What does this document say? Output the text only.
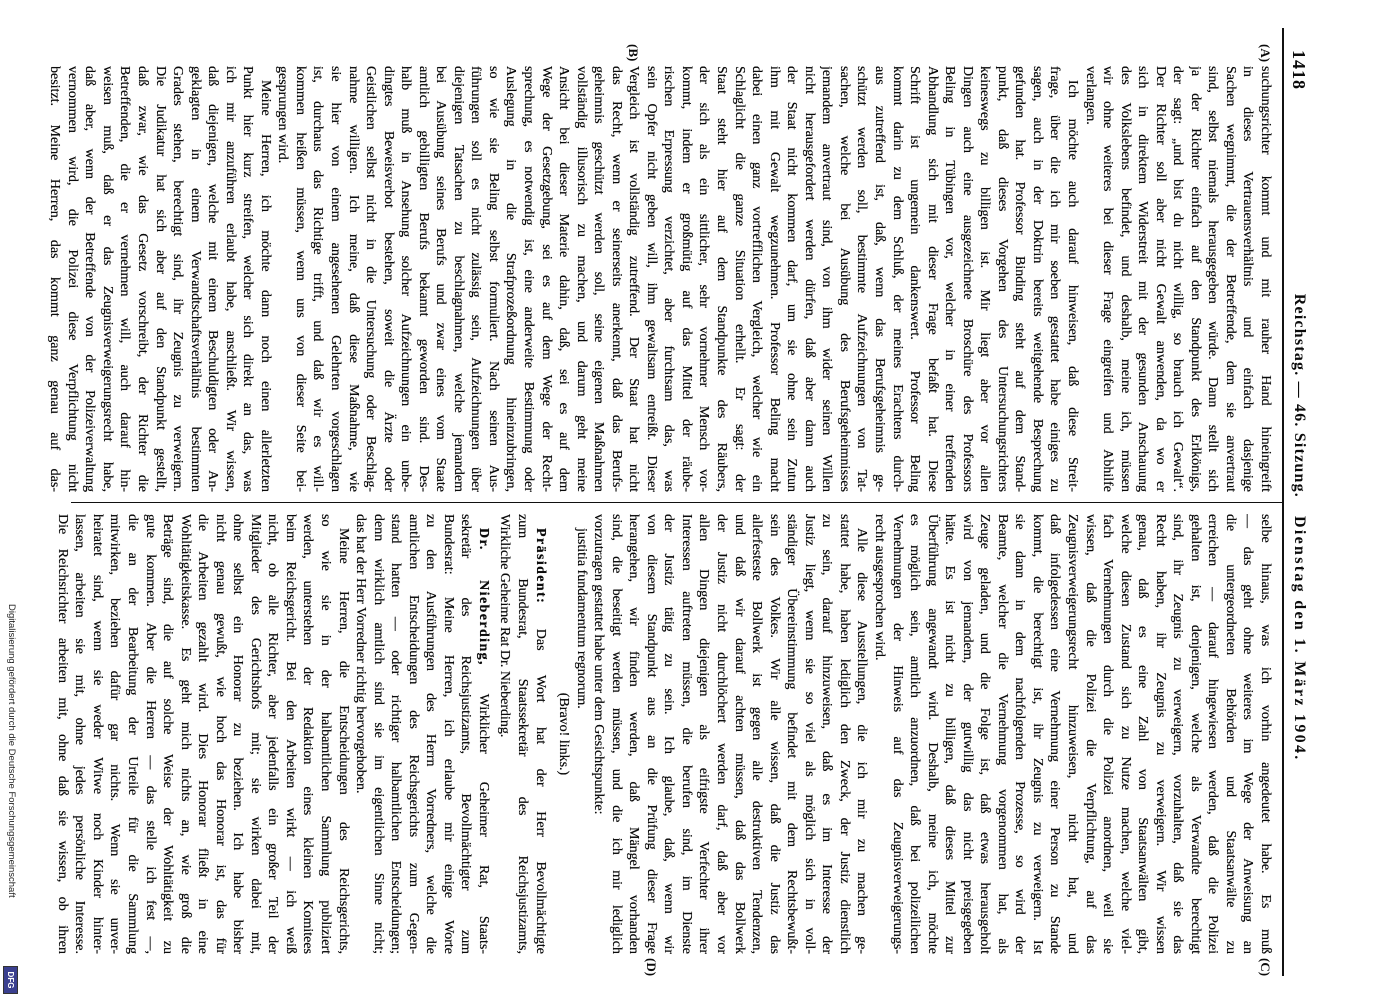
1418
Reichstag. — 46. Sitzung.
Dienstag den 1. März 1904.
(A)
(B)
(C)
(D)
suchungsrichter kommt und mit rauher Hand hineingreift
in dieses Vertrauensverhältnis und einfach dasjenige
Sachen wegnimmt, die der Betreffende, dem sie anvertraut
sind, selbst niemals herausgegeben würde. Dann stellt sich
ja der Richter einfach auf den Standpunkt des Erlkönigs,
der sagt: „und bist du nicht willig, so brauch ich Gewalt“.
Der Richter soll aber nicht Gewalt anwenden, da wo er
sich in direktem Widerstreit mit der gesunden Anschauung
des Volkslebens befindet, und deshalb, meine ich, müssen
wir ohne weiteres bei dieser Frage eingreifen und Abhilfe
verlangen.
Ich möchte auch darauf hinweisen, daß diese Streit-
frage, über die ich mir soeben gestattet habe einiges zu
sagen, auch in der Doktrin bereits weitgehende Besprechung
gefunden hat. Professor Binding steht auf dem Stand-
punkt, daß dieses Vorgehen des Untersuchungsrichters
keineswegs zu billigen ist. Mir liegt aber vor allen
Dingen auch eine ausgezeichnete Broschüre des Professors
Beling in Tübingen vor, welcher in einer treffenden
Abhandlung sich mit dieser Frage befaßt hat. Diese
Schrift ist ungemein dankenswert. Professor Beling
kommt darin zu dem Schluß, der meines Erachtens durch-
aus zutreffend ist, daß, wenn das Berufsgeheimnis ge-
schützt werden soll, bestimmte Aufzeichnungen von Tat-
sachen, welche bei Ausübung des Berufsgeheimnisses
jemandem anvertraut sind, von ihm wider seinen Willen
nicht herausgefordert werden dürfen, daß aber dann auch
der Staat nicht kommen darf, um sie ohne sein Zutun
ihm mit Gewalt wegzunehmen. Professor Beling macht
dabei einen ganz vortrefflichen Vergleich, welcher wie ein
Schlaglicht die ganze Situation erhellt. Er sagt: der
Staat steht hier auf dem Standpunkte des Räubers,
der sich als ein sittlicher, sehr vornehmer Mensch vor-
kommt, indem er großmütig auf das Mittel der räube-
rischen Erpressung verzichtet, aber furchtsam das, was
sein Opfer nicht geben will, ihm gewaltsam entreißt. Dieser
Vergleich ist vollständig zutreffend. Der Staat hat nicht
das Recht, wenn er seinerseits anerkennt, daß das Berufs-
geheimnis geschützt werden soll, seine eigenen Maßnahmen
vollständig illusorisch zu machen, und darum geht meine
Ansicht bei dieser Materie dahin, daß, sei es auf dem
Wege der Gesetzgebung, sei es auf dem Wege der Recht-
sprechung, es notwendig ist, eine anderweite Bestimmung oder
Auslegung in die Strafprozeßordnung hineinzubringen,
so wie sie Beling selbst formuliert. Nach seinen Aus-
führungen soll es nicht zulässig sein, Aufzeichnungen über
diejenigen Tatsachen zu beschlagnahmen, welche jemandem
bei Ausübung seines Berufs und zwar eines vom Staate
amtlich gebilligten Berufs bekannt geworden sind. Des-
halb muß in Ansehung solcher Aufzeichnungen ein unbe-
dingtes Beweisverbot bestehen, soweit die Ärzte oder
Geistlichen selbst nicht in die Untersuchung oder Beschlag-
nahme willigen. Ich meine, daß diese Maßnahme, wie
sie hier von einem angesehenen Gelehrten vorgeschlagen
ist, durchaus das Richtige trifft, und daß wir es will-
kommen heißen müssen, wenn uns von dieser Seite bei-
gesprungen wird.
Meine Herren, ich möchte dann noch einen allerletzten
Punkt hier kurz streifen, welcher sich direkt an das, was
ich mir anzuführen erlaubt habe, anschließt. Wir wissen,
daß diejenigen, welche mit einem Beschuldigten oder An-
geklagten in einem Verwandtschaftsverhältnis bestimmten
Grades stehen, berechtigt sind, ihr Zeugnis zu verweigern.
Die Judikatur hat sich aber auf den Standpunkt gestellt,
daß zwar, wie das Gesetz vorschreibt, der Richter die
Betreffenden, die er vernehmen will, auch darauf hin-
weisen muß, daß er das Zeugnisverweigerungsrecht habe,
daß aber, wenn der Betreffende von der Polizeiverwaltung
vernommen wird, die Polizei diese Verpflichtung nicht
besitzt. Meine Herren, das kommt ganz genau auf das-
selbe hinaus, was ich vorhin angedeutet habe. Es muß
— das geht ohne weiteres im Wege der Anweisung an
die untergeordneten Behörden und Staatsanwälte zu
erreichen — darauf hingewiesen werden, daß die Polizei
gehalten ist, denjenigen, welche als Verwandte berechtigt
sind, ihr Zeugnis zu verweigern, vorzuhalten, daß sie das
Recht haben, ihr Zeugnis zu verweigern. Wir wissen
genau, daß es eine Zahl von Staatsanwälten gibt,
welche diesen Zustand sich zu Nutze machen, welche viel-
fach Vernehmungen durch die Polizei anordnen, weil sie
wissen, daß die Polizei die Verpflichtung, auf das
Zeugnisverweigerungsrecht hinzuweisen, nicht hat, und
daß infolgedessen eine Vernehmung einer Person zu Stande
kommt, die berechtigt ist, ihr Zeugnis zu verweigern. Ist
sie dann in dem nachfolgenden Prozesse, so wird der
Beamte, welcher die Vernehmung vorgenommen hat, als
Zeuge geladen, und die Folge ist, daß etwas herausgeholt
wird von jemandem, der gutwillig das nicht preisgegeben
hätte. Es ist nicht zu billigen, daß dieses Mittel zur
Überführung angewandt wird. Deshalb, meine ich, möchte
es möglich sein, amtlich anzuordnen, daß bei polizeilichen
Vernehmungen der Hinweis auf das Zeugnisverweigerungs-
recht ausgesprochen wird.
Alle diese Ausstellungen, die ich mir zu machen ge-
stattet habe, haben lediglich den Zweck, der Justiz dienstlich
zu sein, darauf hinzuweisen, daß es im Interesse der
Justiz liegt, wenn sie so viel als möglich sich in voll-
ständiger Übereinstimmung befindet mit dem Rechtsbewußt-
sein des Volkes. Wir alle wissen, daß die Justiz das
allerfesteste Bollwerk ist gegen alle destruktiven Tendenzen,
und daß wir darauf achten müssen, daß das Bollwerk
der Justiz nicht durchlöchert werden darf, daß aber vor
allen Dingen diejenigen als eifrigste Verfechter ihrer
Interessen auftreten müssen, die berufen sind, im Dienste
der Justiz tätig zu sein. Ich glaube, daß, wenn wir
von diesem Standpunkt aus an die Prüfung dieser Frage
herangehen, wir finden werden, daß Mängel vorhanden
sind, die beseitigt werden müssen, und die ich mir lediglich
vorzutragen gestattet habe unter dem Gesichtspunkte:
justitia fundamentum regnorum.
(Bravo! links.)
Präsident: Das Wort hat der Herr Bevollmächtigte
zum Bundesrat, Staatssekretär des Reichsjustizamts,
Wirkliche Geheime Rat Dr. Nieberding.
Dr. Nieberding, Wirklicher Geheimer Rat, Staats-
sekretär des Reichsjustizamts, Bevollmächtigter zum
Bundesrat: Meine Herren, ich erlaube mir einige Worte
zu den Ausführungen des Herrn Vorredners, welche die
amtlichen Entscheidungen des Reichsgerichts zum Gegen-
stand hatten — oder richtiger halbamtlichen Entscheidungen;
denn wirklich amtlich sind sie im eigentlichen Sinne nicht;
das hat der Herr Vorredner richtig hervorgehoben.
Meine Herren, die Entscheidungen des Reichsgerichts,
so wie sie in der halbamtlichen Sammlung publiziert
werden, unterstehen der Redaktion eines kleinen Komitees
beim Reichsgericht. Bei den Arbeiten wirkt — ich weiß
nicht, ob alle Richter, aber jedenfalls ein großer Teil der
Mitglieder des Gerichtshofs mit; sie wirken dabei mit,
ohne selbst ein Honorar zu beziehen. Ich habe bisher
nicht genau gewußt, wie hoch das Honorar ist, das für
die Arbeiten gezahlt wird. Dies Honorar fließt in eine
Wohltätigkeitskasse. Es geht mich nichts an, wie groß die
Beträge sind, die auf solche Weise der Wohltätigkeit zu
gute kommen. Aber die Herren — das stelle ich fest —,
die an der Bearbeitung der Urteile für die Sammlung
mitwirken, beziehen dafür gar nichts. Wenn sie unver-
heiratet sind, wenn sie weder Witwe noch Kinder hinter-
lassen, arbeiten sie mit, ohne jedes persönliche Interesse.
Die Reichsrichter arbeiten mit, ohne daß sie wissen, ob ihren
Digitalisierung gefördert durch die Deutsche Forschungsgemeinschaft
DFG
